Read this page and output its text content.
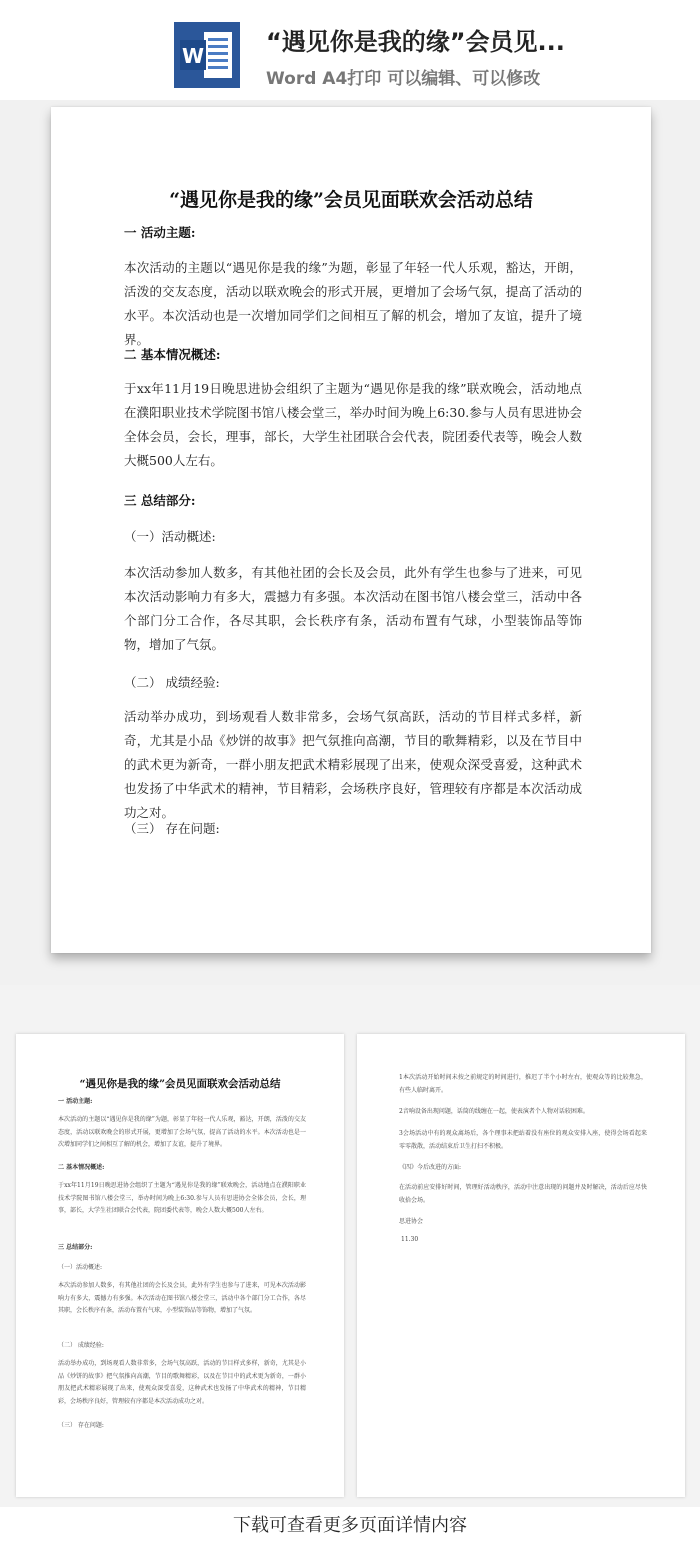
W	“遇见你是我的缘”会员见...
Word A4打印 可以编辑、可以修改
“遇见你是我的缘”会员见面联欢会活动总结
一 活动主题:
本次活动的主题以“遇见你是我的缘”为题，彰显了年轻一代人乐观，豁达，开朗，活泼的交友态度，活动以联欢晚会的形式开展，更增加了会场气氛，提高了活动的水平。本次活动也是一次增加同学们之间相互了解的机会，增加了友谊，提升了境界。
二 基本情况概述:
于xx年11月19日晚思进协会组织了主题为“遇见你是我的缘”联欢晚会，活动地点在濮阳职业技术学院图书馆八楼会堂三，举办时间为晚上6:30.参与人员有思进协会全体会员，会长，理事，部长，大学生社团联合会代表，院团委代表等，晚会人数大概500人左右。
三 总结部分:
（一）活动概述:
本次活动参加人数多，有其他社团的会长及会员，此外有学生也参与了进来，可见本次活动影响力有多大，震撼力有多强。本次活动在图书馆八楼会堂三，活动中各个部门分工合作，各尽其职，会长秩序有条，活动布置有气球，小型装饰品等饰物，增加了气氛。
（二） 成绩经验:
活动举办成功，到场观看人数非常多，会场气氛高跃，活动的节目样式多样，新奇，尤其是小品《炒饼的故事》把气氛推向高潮，节目的歌舞精彩，以及在节目中的武术更为新奇，一群小朋友把武术精彩展现了出来，使观众深受喜爱，这种武术也发扬了中华武术的精神，节目精彩，会场秩序良好，管理较有序都是本次活动成功之对。
（三） 存在问题:
“遇见你是我的缘”会员见面联欢会活动总结
一 活动主题:
本次活动的主题以“遇见你是我的缘”为题，彰显了年轻一代人乐观，豁达，开朗，活泼的交友态度，活动以联欢晚会的形式开展，更增加了会场气氛，提高了活动的水平。本次活动也是一次增加同学们之间相互了解的机会，增加了友谊，提升了境界。
二 基本情况概述:
于xx年11月19日晚思进协会组织了主题为“遇见你是我的缘”联欢晚会，活动地点在濮阳职业技术学院图书馆八楼会堂三，举办时间为晚上6:30.参与人员有思进协会全体会员，会长，理事，部长，大学生社团联合会代表，院团委代表等，晚会人数大概500人左右。
三 总结部分:
（一）活动概述:
本次活动参加人数多，有其他社团的会长及会员，此外有学生也参与了进来，可见本次活动影响力有多大，震撼力有多强。本次活动在图书馆八楼会堂三，活动中各个部门分工合作，各尽其职，会长秩序有条，活动布置有气球，小型装饰品等饰物，增加了气氛。
（二） 成绩经验:
活动举办成功，到场观看人数非常多，会场气氛高跃，活动的节目样式多样，新奇，尤其是小品《炒饼的故事》把气氛推向高潮，节目的歌舞精彩，以及在节目中的武术更为新奇，一群小朋友把武术精彩展现了出来，使观众深受喜爱，这种武术也发扬了中华武术的精神，节目精彩，会场秩序良好，管理较有序都是本次活动成功之对。
（三） 存在问题:
1本次活动开始时间未按之前规定的时间进行，推迟了半个小时左右，使观众等的比较焦急，有些人临时离开。
2音响设备出现问题，话筒的线缠在一起，使表演者个人物对话较困难。
3会场活动中有的观众离场后，各个理事未把站着没有座位的观众安排入座，使得会场看起来零零散散，活动结束后卫生打扫不积极。
《四》今后改进的方面:
在活动前应安排好时间，管理好活动秩序，活动中注意出现的问题并及时解决，活动后应尽快收拾会场。
思进协会
11.30
下载可查看更多页面详情内容
